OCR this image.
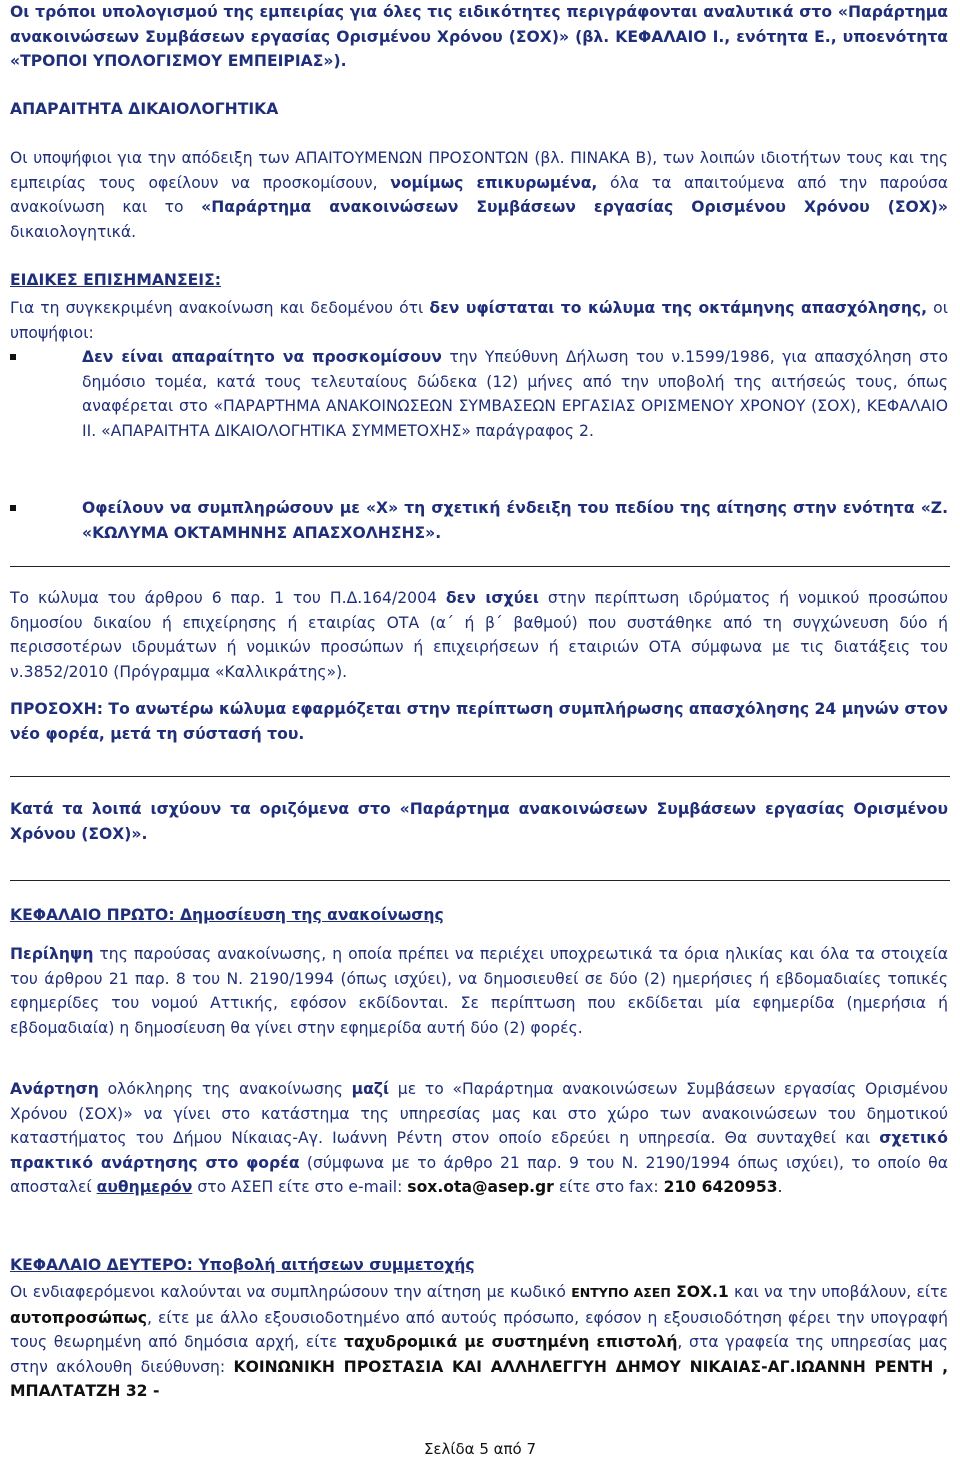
Οι τρόποι υπολογισμού της εμπειρίας για όλες τις ειδικότητες περιγράφονται αναλυτικά στο «Παράρτημα ανακοινώσεων Συμβάσεων εργασίας Ορισμένου Χρόνου (ΣΟΧ)» (βλ. ΚΕΦΑΛΑΙΟ Ι., ενότητα Ε., υποενότητα «ΤΡΟΠΟΙ ΥΠΟΛΟΓΙΣΜΟΥ ΕΜΠΕΙΡΙΑΣ»).

ΑΠΑΡΑΙΤΗΤΑ ΔΙΚΑΙΟΛΟΓΗΤΙΚΑ

Οι υποψήφιοι για την απόδειξη των ΑΠΑΙΤΟΥΜΕΝΩΝ ΠΡΟΣΟΝΤΩΝ (βλ. ΠΙΝΑΚΑ Β), των λοιπών ιδιοτήτων τους και της εμπειρίας τους οφείλουν να προσκομίσουν, νομίμως επικυρωμένα, όλα τα απαιτούμενα από την παρούσα ανακοίνωση και το «Παράρτημα ανακοινώσεων Συμβάσεων εργασίας Ορισμένου Χρόνου (ΣΟΧ)» δικαιολογητικά.

ΕΙΔΙΚΕΣ ΕΠΙΣΗΜΑΝΣΕΙΣ:

Για τη συγκεκριμένη ανακοίνωση και δεδομένου ότι δεν υφίσταται το κώλυμα της οκτάμηνης απασχόλησης, οι υποψήφιοι:

Δεν είναι απαραίτητο να προσκομίσουν την Υπεύθυνη Δήλωση του ν.1599/1986, για απασχόληση στο δημόσιο τομέα, κατά τους τελευταίους δώδεκα (12) μήνες από την υποβολή της αιτήσεώς τους, όπως αναφέρεται στο «ΠΑΡΑΡΤΗΜΑ ΑΝΑΚΟΙΝΩΣΕΩΝ ΣΥΜΒΑΣΕΩΝ ΕΡΓΑΣΙΑΣ ΟΡΙΣΜΕΝΟΥ ΧΡΟΝΟΥ (ΣΟΧ), ΚΕΦΑΛΑΙΟ ΙΙ. «ΑΠΑΡΑΙΤΗΤΑ ΔΙΚΑΙΟΛΟΓΗΤΙΚΑ ΣΥΜΜΕΤΟΧΗΣ» παράγραφος 2.

Οφείλουν να συμπληρώσουν με «Χ» τη σχετική ένδειξη του πεδίου της αίτησης στην ενότητα «Ζ. «ΚΩΛΥΜΑ ΟΚΤΑΜΗΝΗΣ ΑΠΑΣΧΟΛΗΣΗΣ».

Το κώλυμα του άρθρου 6 παρ. 1 του Π.Δ.164/2004 δεν ισχύει στην περίπτωση ιδρύματος ή νομικού προσώπου δημοσίου δικαίου ή επιχείρησης ή εταιρίας ΟΤΑ (α΄ ή β΄ βαθμού) που συστάθηκε από τη συγχώνευση δύο ή περισσοτέρων ιδρυμάτων ή νομικών προσώπων ή επιχειρήσεων ή εταιριών ΟΤΑ σύμφωνα με τις διατάξεις του ν.3852/2010 (Πρόγραμμα «Καλλικράτης»).

ΠΡΟΣΟΧΗ: Το ανωτέρω κώλυμα εφαρμόζεται στην περίπτωση συμπλήρωσης απασχόλησης 24 μηνών στον νέο φορέα, μετά τη σύστασή του.

Κατά τα λοιπά ισχύουν τα οριζόμενα στο «Παράρτημα ανακοινώσεων Συμβάσεων εργασίας Ορισμένου Χρόνου (ΣΟΧ)».

ΚΕΦΑΛΑΙΟ ΠΡΩΤΟ: Δημοσίευση της ανακοίνωσης

Περίληψη της παρούσας ανακοίνωσης, η οποία πρέπει να περιέχει υποχρεωτικά τα όρια ηλικίας και όλα τα στοιχεία του άρθρου 21 παρ. 8 του Ν. 2190/1994 (όπως ισχύει), να δημοσιευθεί σε δύο (2) ημερήσιες ή εβδομαδιαίες τοπικές εφημερίδες του νομού Αττικής, εφόσον εκδίδονται. Σε περίπτωση που εκδίδεται μία εφημερίδα (ημερήσια ή εβδομαδιαία) η δημοσίευση θα γίνει στην εφημερίδα αυτή δύο (2) φορές.

Ανάρτηση ολόκληρης της ανακοίνωσης μαζί με το «Παράρτημα ανακοινώσεων Συμβάσεων εργασίας Ορισμένου Χρόνου (ΣΟΧ)» να γίνει στο κατάστημα της υπηρεσίας μας και στο χώρο των ανακοινώσεων του δημοτικού καταστήματος του Δήμου Νίκαιας-Αγ. Ιωάννη Ρέντη στον οποίο εδρεύει η υπηρεσία. Θα συνταχθεί και σχετικό πρακτικό ανάρτησης στο φορέα (σύμφωνα με το άρθρο 21 παρ. 9 του Ν. 2190/1994 όπως ισχύει), το οποίο θα αποσταλεί αυθημερόν στο ΑΣΕΠ είτε στο e-mail: sox.ota@asep.gr είτε στο fax: 210 6420953.

ΚΕΦΑΛΑΙΟ ΔΕΥΤΕΡΟ: Υποβολή αιτήσεων συμμετοχής

Οι ενδιαφερόμενοι καλούνται να συμπληρώσουν την αίτηση με κωδικό ΕΝΤΥΠΟ ΑΣΕΠ ΣΟΧ.1 και να την υποβάλουν, είτε αυτοπροσώπως, είτε με άλλο εξουσιοδοτημένο από αυτούς πρόσωπο, εφόσον η εξουσιοδότηση φέρει την υπογραφή τους θεωρημένη από δημόσια αρχή, είτε ταχυδρομικά με συστημένη επιστολή, στα γραφεία της υπηρεσίας μας στην ακόλουθη διεύθυνση: ΚΟΙΝΩΝΙΚΗ ΠΡΟΣΤΑΣΙΑ ΚΑΙ ΑΛΛΗΛΕΓΓΥΗ ΔΗΜΟΥ ΝΙΚΑΙΑΣ-ΑΓ.ΙΩΑΝΝΗ ΡΕΝΤΗ , ΜΠΑΛΤΑΤΖΗ 32 -

Σελίδα 5 από 7
